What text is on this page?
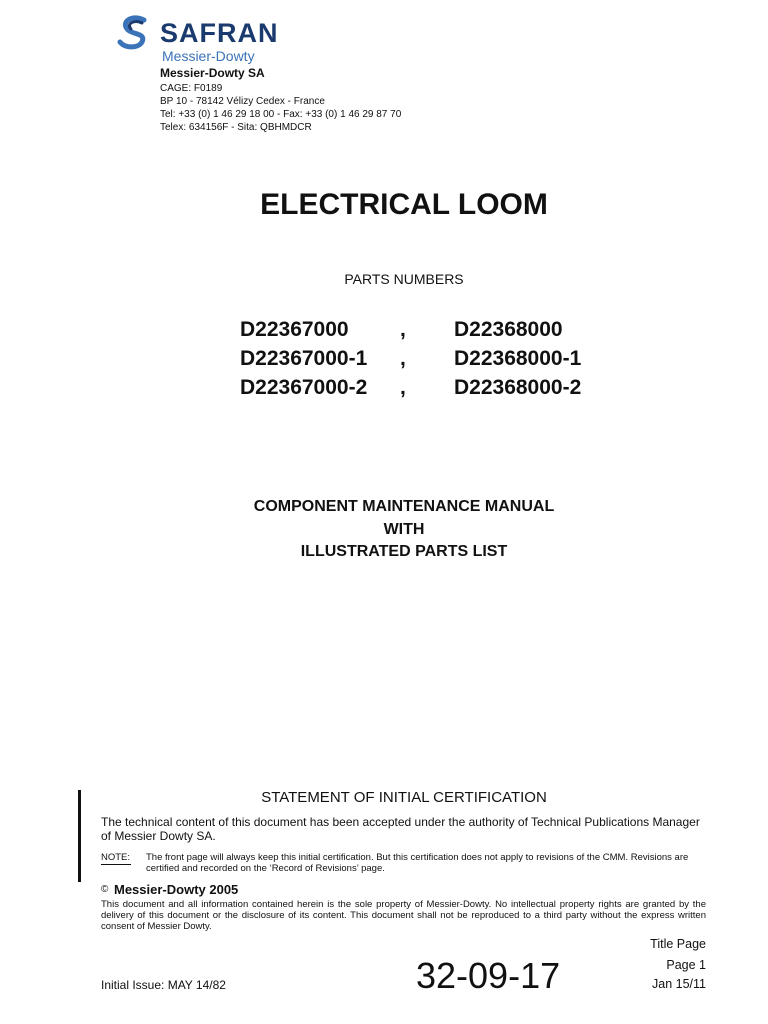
SAFRAN
Messier-Dowty
Messier-Dowty SA
CAGE: F0189
BP 10 - 78142 Vélizy Cedex - France
Tel: +33 (0) 1 46 29 18 00 - Fax: +33 (0) 1 46 29 87 70
Telex: 634156F - Sita: QBHMDCR
ELECTRICAL LOOM
PARTS NUMBERS
D22367000	,	D22368000
D22367000-1	,	D22368000-1
D22367000-2	,	D22368000-2
COMPONENT MAINTENANCE MANUAL
WITH
ILLUSTRATED PARTS LIST
STATEMENT OF INITIAL CERTIFICATION
The technical content of this document has been accepted under the authority of Technical Publications Manager of Messier Dowty SA.
NOTE: The front page will always keep this initial certification. But this certification does not apply to revisions of the CMM. Revisions are certified and recorded on the ‘Record of Revisions’ page.
© Messier-Dowty 2005
This document and all information contained herein is the sole property of Messier-Dowty. No intellectual property rights are granted by the delivery of this document or the disclosure of its content. This document shall not be reproduced to a third party without the express written consent of Messier Dowty.
Initial Issue: MAY 14/82	32-09-17
Title Page
Page 1
Jan 15/11
